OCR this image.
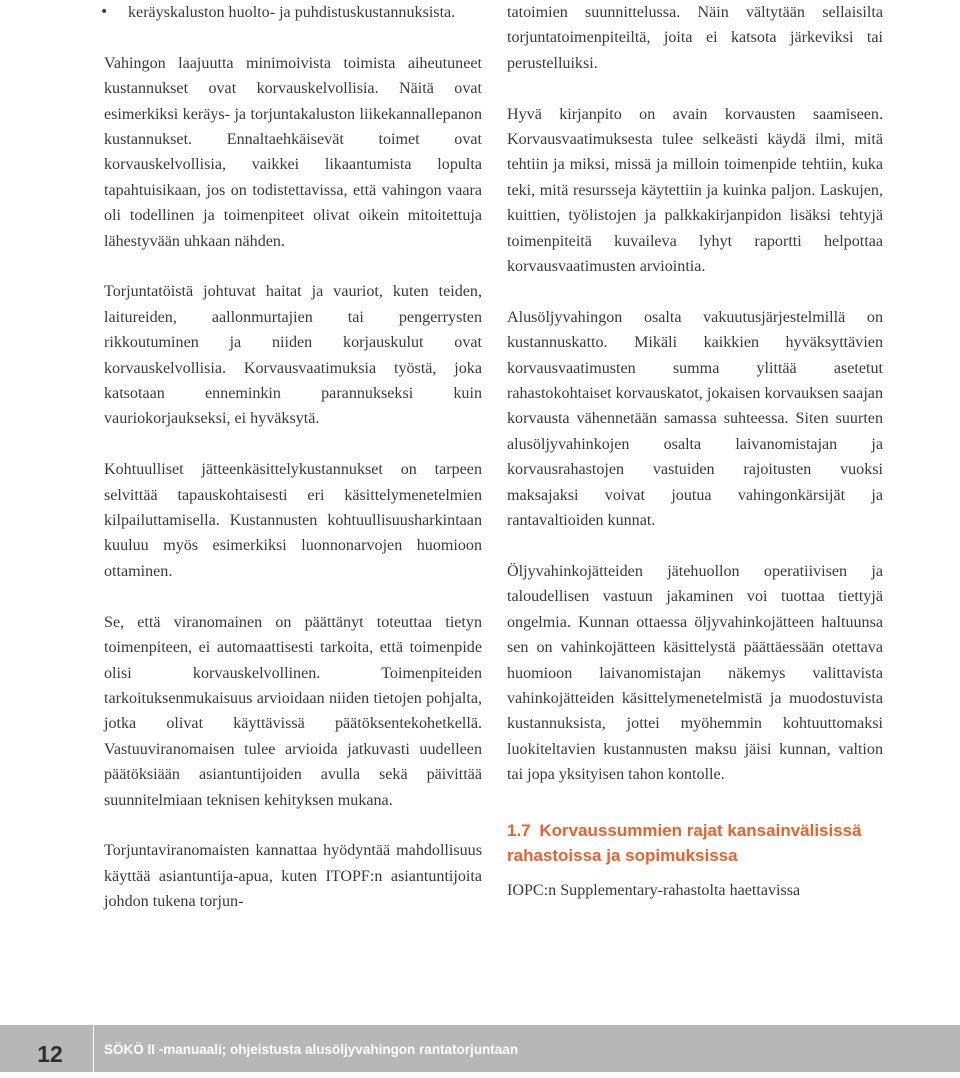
• keräyskaluston huolto- ja puhdistuskustannuksista.

Vahingon laajuutta minimoivista toimista aiheutuneet kustannukset ovat korvauskelvollisia. Näitä ovat esimerkiksi keräys- ja torjuntakaluston liikekannallepanon kustannukset. Ennaltaehkäisevät toimet ovat korvauskelvollisia, vaikkei likaantumista lopulta tapahtuisikaan, jos on todistettavissa, että vahingon vaara oli todellinen ja toimenpiteet olivat oikein mitoitettuja lähestyvään uhkaan nähden.

Torjuntatöistä johtuvat haitat ja vauriot, kuten teiden, laitureiden, aallonmurtajien tai pengerrysten rikkoutuminen ja niiden korjauskulut ovat korvauskelvollisia. Korvausvaatimuksia työstä, joka katsotaan enneminkin parannukseksi kuin vauriokorjaukseksi, ei hyväksytä.

Kohtuulliset jätteenkäsittelykustannukset on tarpeen selvittää tapauskohtaisesti eri käsittelymenetelmien kilpailuttamisella. Kustannusten kohtuullisuusharkintaan kuuluu myös esimerkiksi luonnonarvojen huomioon ottaminen.

Se, että viranomainen on päättänyt toteuttaa tietyn toimenpiteen, ei automaattisesti tarkoita, että toimenpide olisi korvauskelvollinen. Toimenpiteiden tarkoituksenmukaisuus arvioidaan niiden tietojen pohjalta, jotka olivat käyttävissä päätöksentekohetkellä. Vastuuviranomaisen tulee arvioida jatkuvasti uudelleen päätöksiään asiantuntijoiden avulla sekä päivittää suunnitelmiaan teknisen kehityksen mukana.

Torjuntaviranomaisten kannattaa hyödyntää mahdollisuus käyttää asiantuntija-apua, kuten ITOPF:n asiantuntijoita johdon tukena torjun-

tatoimien suunnittelussa. Näin vältytään sellaisilta torjuntatoimenpiteiltä, joita ei katsota järkeviksi tai perustelluiksi.

Hyvä kirjanpito on avain korvausten saamiseen. Korvausvaatimuksesta tulee selkeästi käydä ilmi, mitä tehtiin ja miksi, missä ja milloin toimenpide tehtiin, kuka teki, mitä resursseja käytettiin ja kuinka paljon. Laskujen, kuittien, työlistojen ja palkkakirjanpidon lisäksi tehtyjä toimenpiteitä kuvaileva lyhyt raportti helpottaa korvausvaatimusten arviointia.

Alusöljyvahingon osalta vakuutusjärjestelmillä on kustannuskatto. Mikäli kaikkien hyväksyttävien korvausvaatimusten summa ylittää asetetut rahastokohtaiset korvauskatot, jokaisen korvauksen saajan korvausta vähennetään samassa suhteessa. Siten suurten alusöljyvahinkojen osalta laivanomistajan ja korvausrahastojen vastuiden rajoitusten vuoksi maksajaksi voivat joutua vahingonkärsijät ja rantavaltioiden kunnat.

Öljyvahinkojätteiden jätehuollon operatiivisen ja taloudellisen vastuun jakaminen voi tuottaa tiettyjä ongelmia. Kunnan ottaessa öljyvahinkojätteen haltuunsa sen on vahinkojätteen käsittelystä päättäessään otettava huomioon laivanomistajan näkemys valittavista vahinkojätteiden käsittelymenetelmistä ja muodostuvista kustannuksista, jottei myöhemmin kohtuuttomaksi luokiteltavien kustannusten maksu jäisi kunnan, valtion tai jopa yksityisen tahon kontolle.

1.7 Korvaussummien rajat kansainvälisissä rahastoissa ja sopimuksissa

IOPC:n Supplementary-rahastolta haettavissa

12	SÖKÖ II -manuaali; ohjeistusta alusöljyvahingon rantatorjuntaan
